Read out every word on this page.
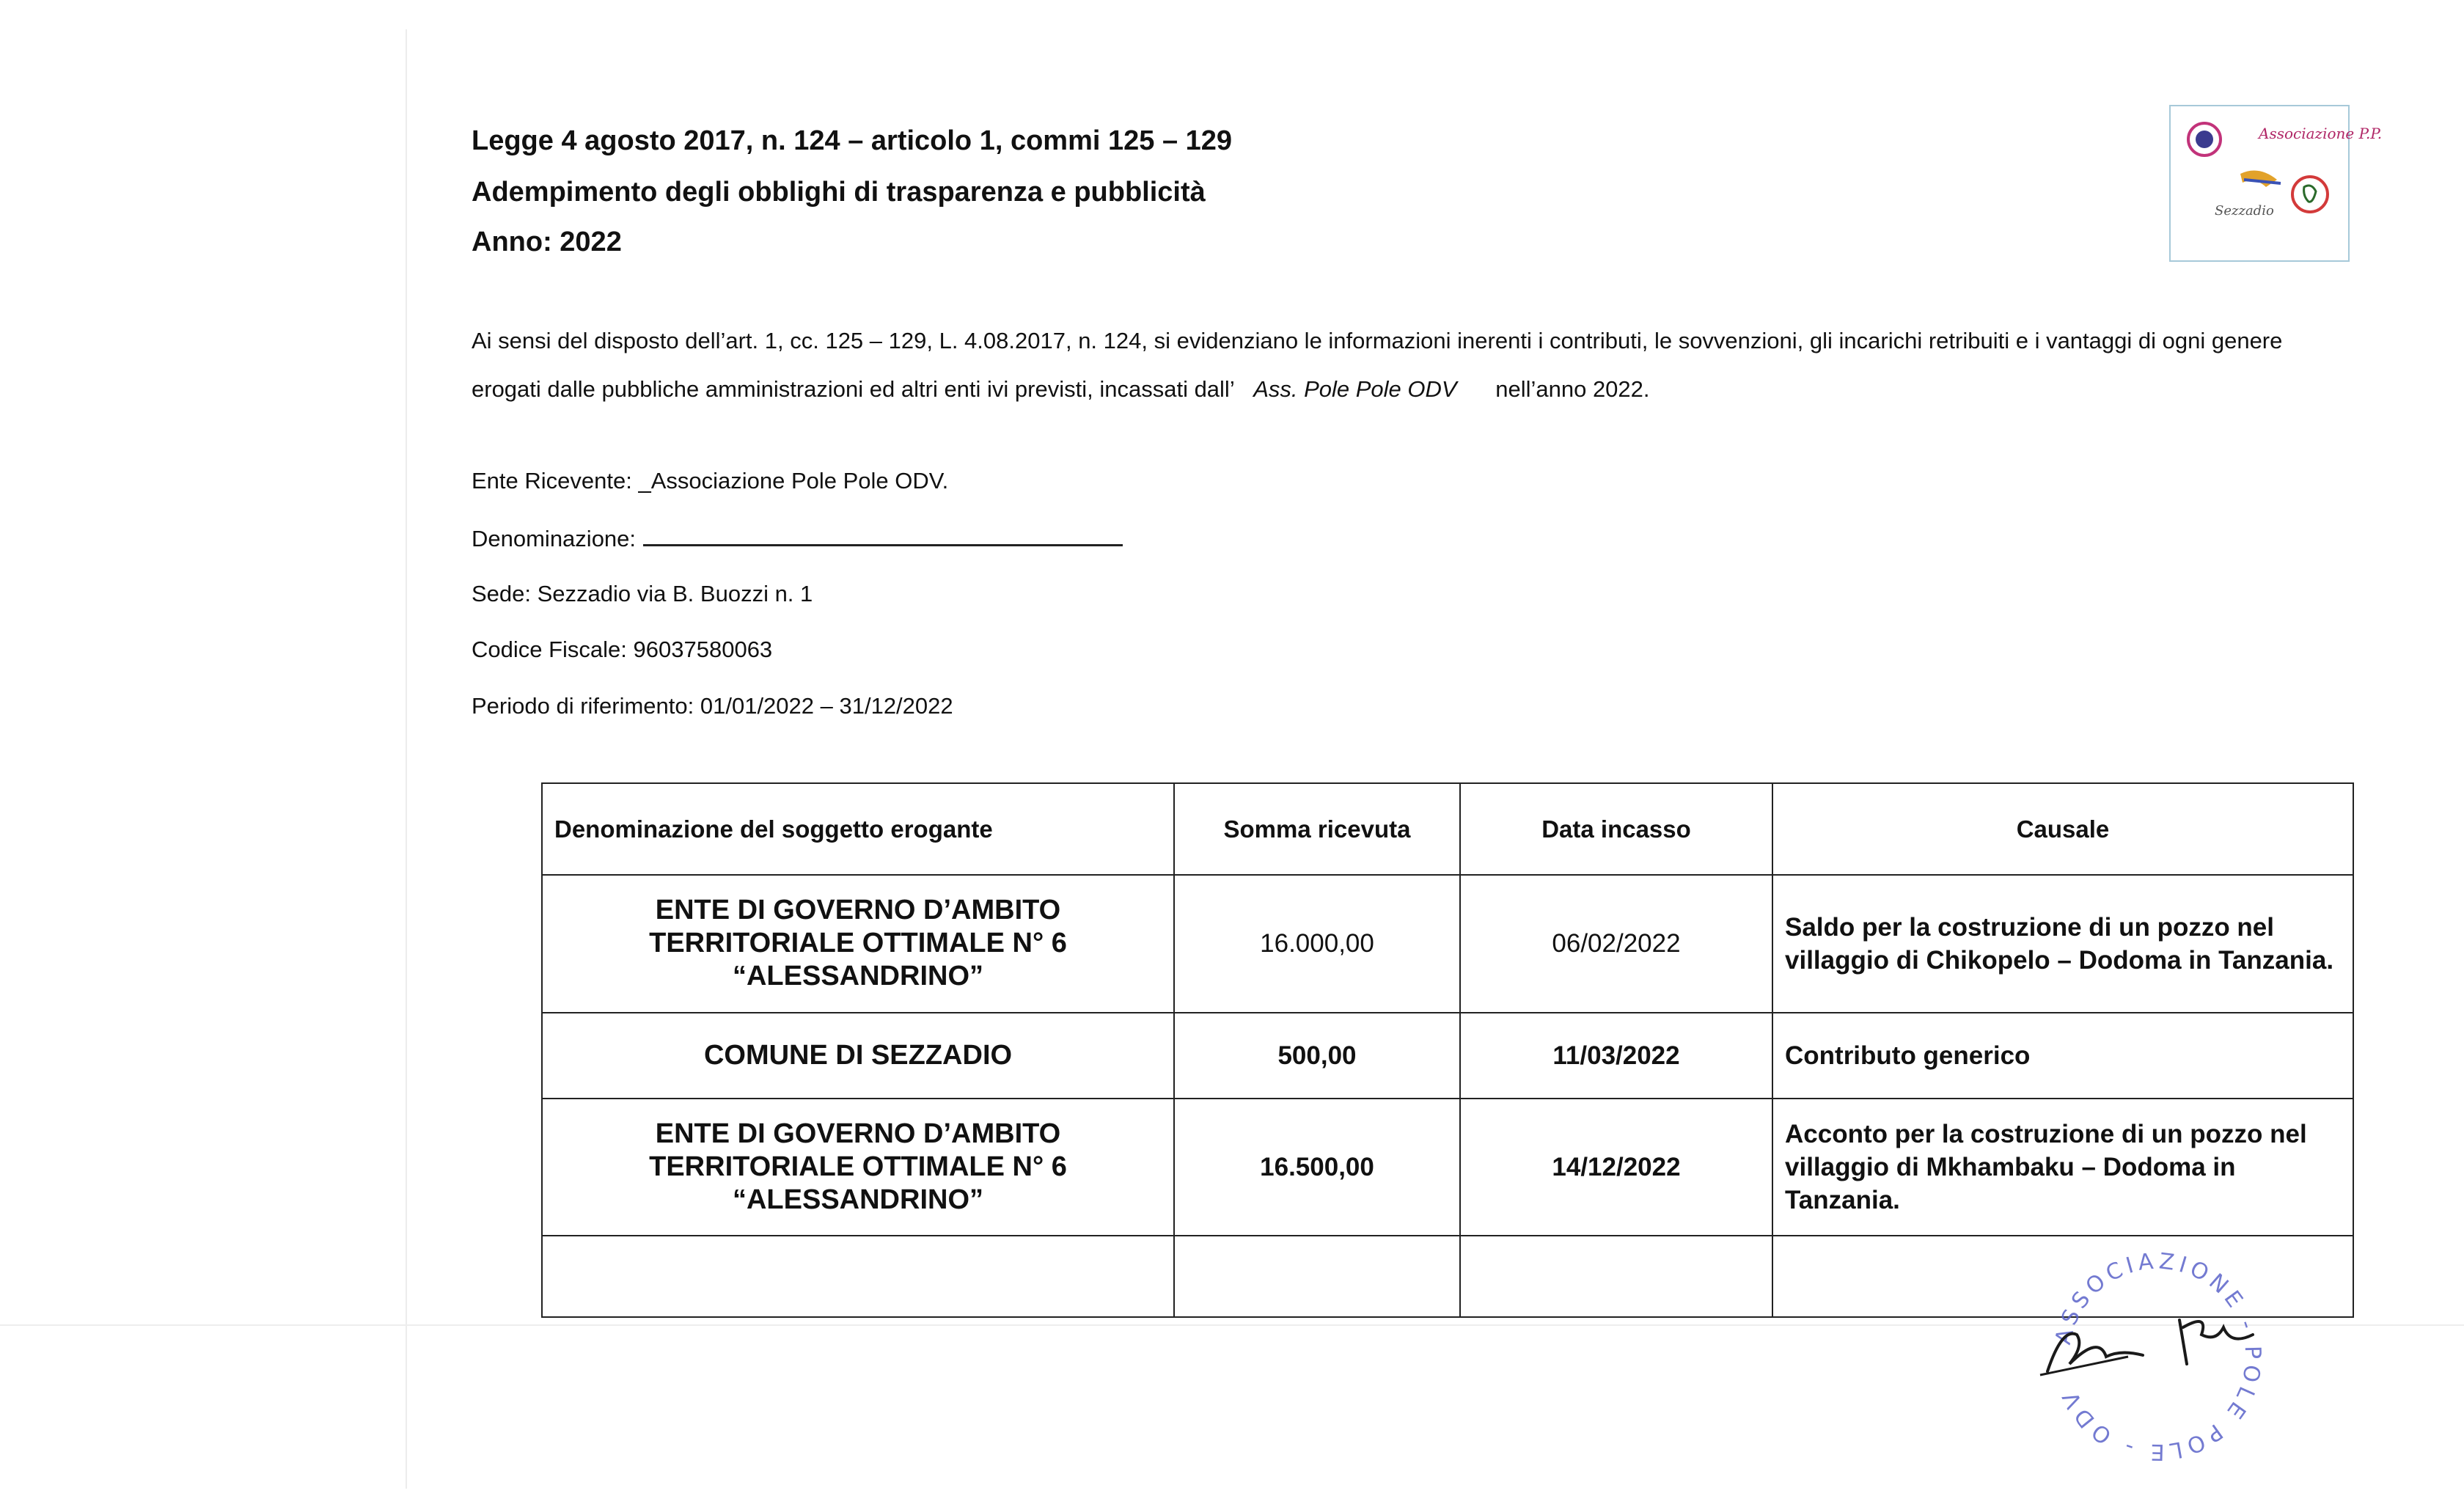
Legge 4 agosto 2017, n. 124 – articolo 1, commi 125 – 129
Adempimento degli obblighi di trasparenza e pubblicità
Anno: 2022
Associazione P.P.
Sezzadio
Ai sensi del disposto dell’art. 1, cc. 125 – 129, L. 4.08.2017, n. 124, si evidenziano le informazioni inerenti i contributi, le sovvenzioni, gli incarichi retribuiti e i vantaggi di ogni genere erogati dalle pubbliche amministrazioni ed altri enti ivi previsti, incassati dall’ Ass. Pole Pole ODV nell’anno 2022.
Ente Ricevente: _Associazione Pole Pole ODV.
Denominazione:
Sede: Sezzadio via B. Buozzi n. 1
Codice Fiscale: 96037580063
Periodo di riferimento: 01/01/2022 – 31/12/2022
Denominazione del soggetto erogante	Somma ricevuta	Data incasso	Causale
ENTE DI GOVERNO D’AMBITO TERRITORIALE OTTIMALE N° 6 “ALESSANDRINO”	16.000,00	06/02/2022	Saldo per la costruzione di un pozzo nel villaggio di Chikopelo – Dodoma in Tanzania.
COMUNE DI SEZZADIO	500,00	11/03/2022	Contributo generico
ENTE DI GOVERNO D’AMBITO TERRITORIALE OTTIMALE N° 6 “ALESSANDRINO”	16.500,00	14/12/2022	Acconto per la costruzione di un pozzo nel villaggio di Mkhambaku – Dodoma in Tanzania.

ASSOCIAZIONE - POLE POLE - ODV
